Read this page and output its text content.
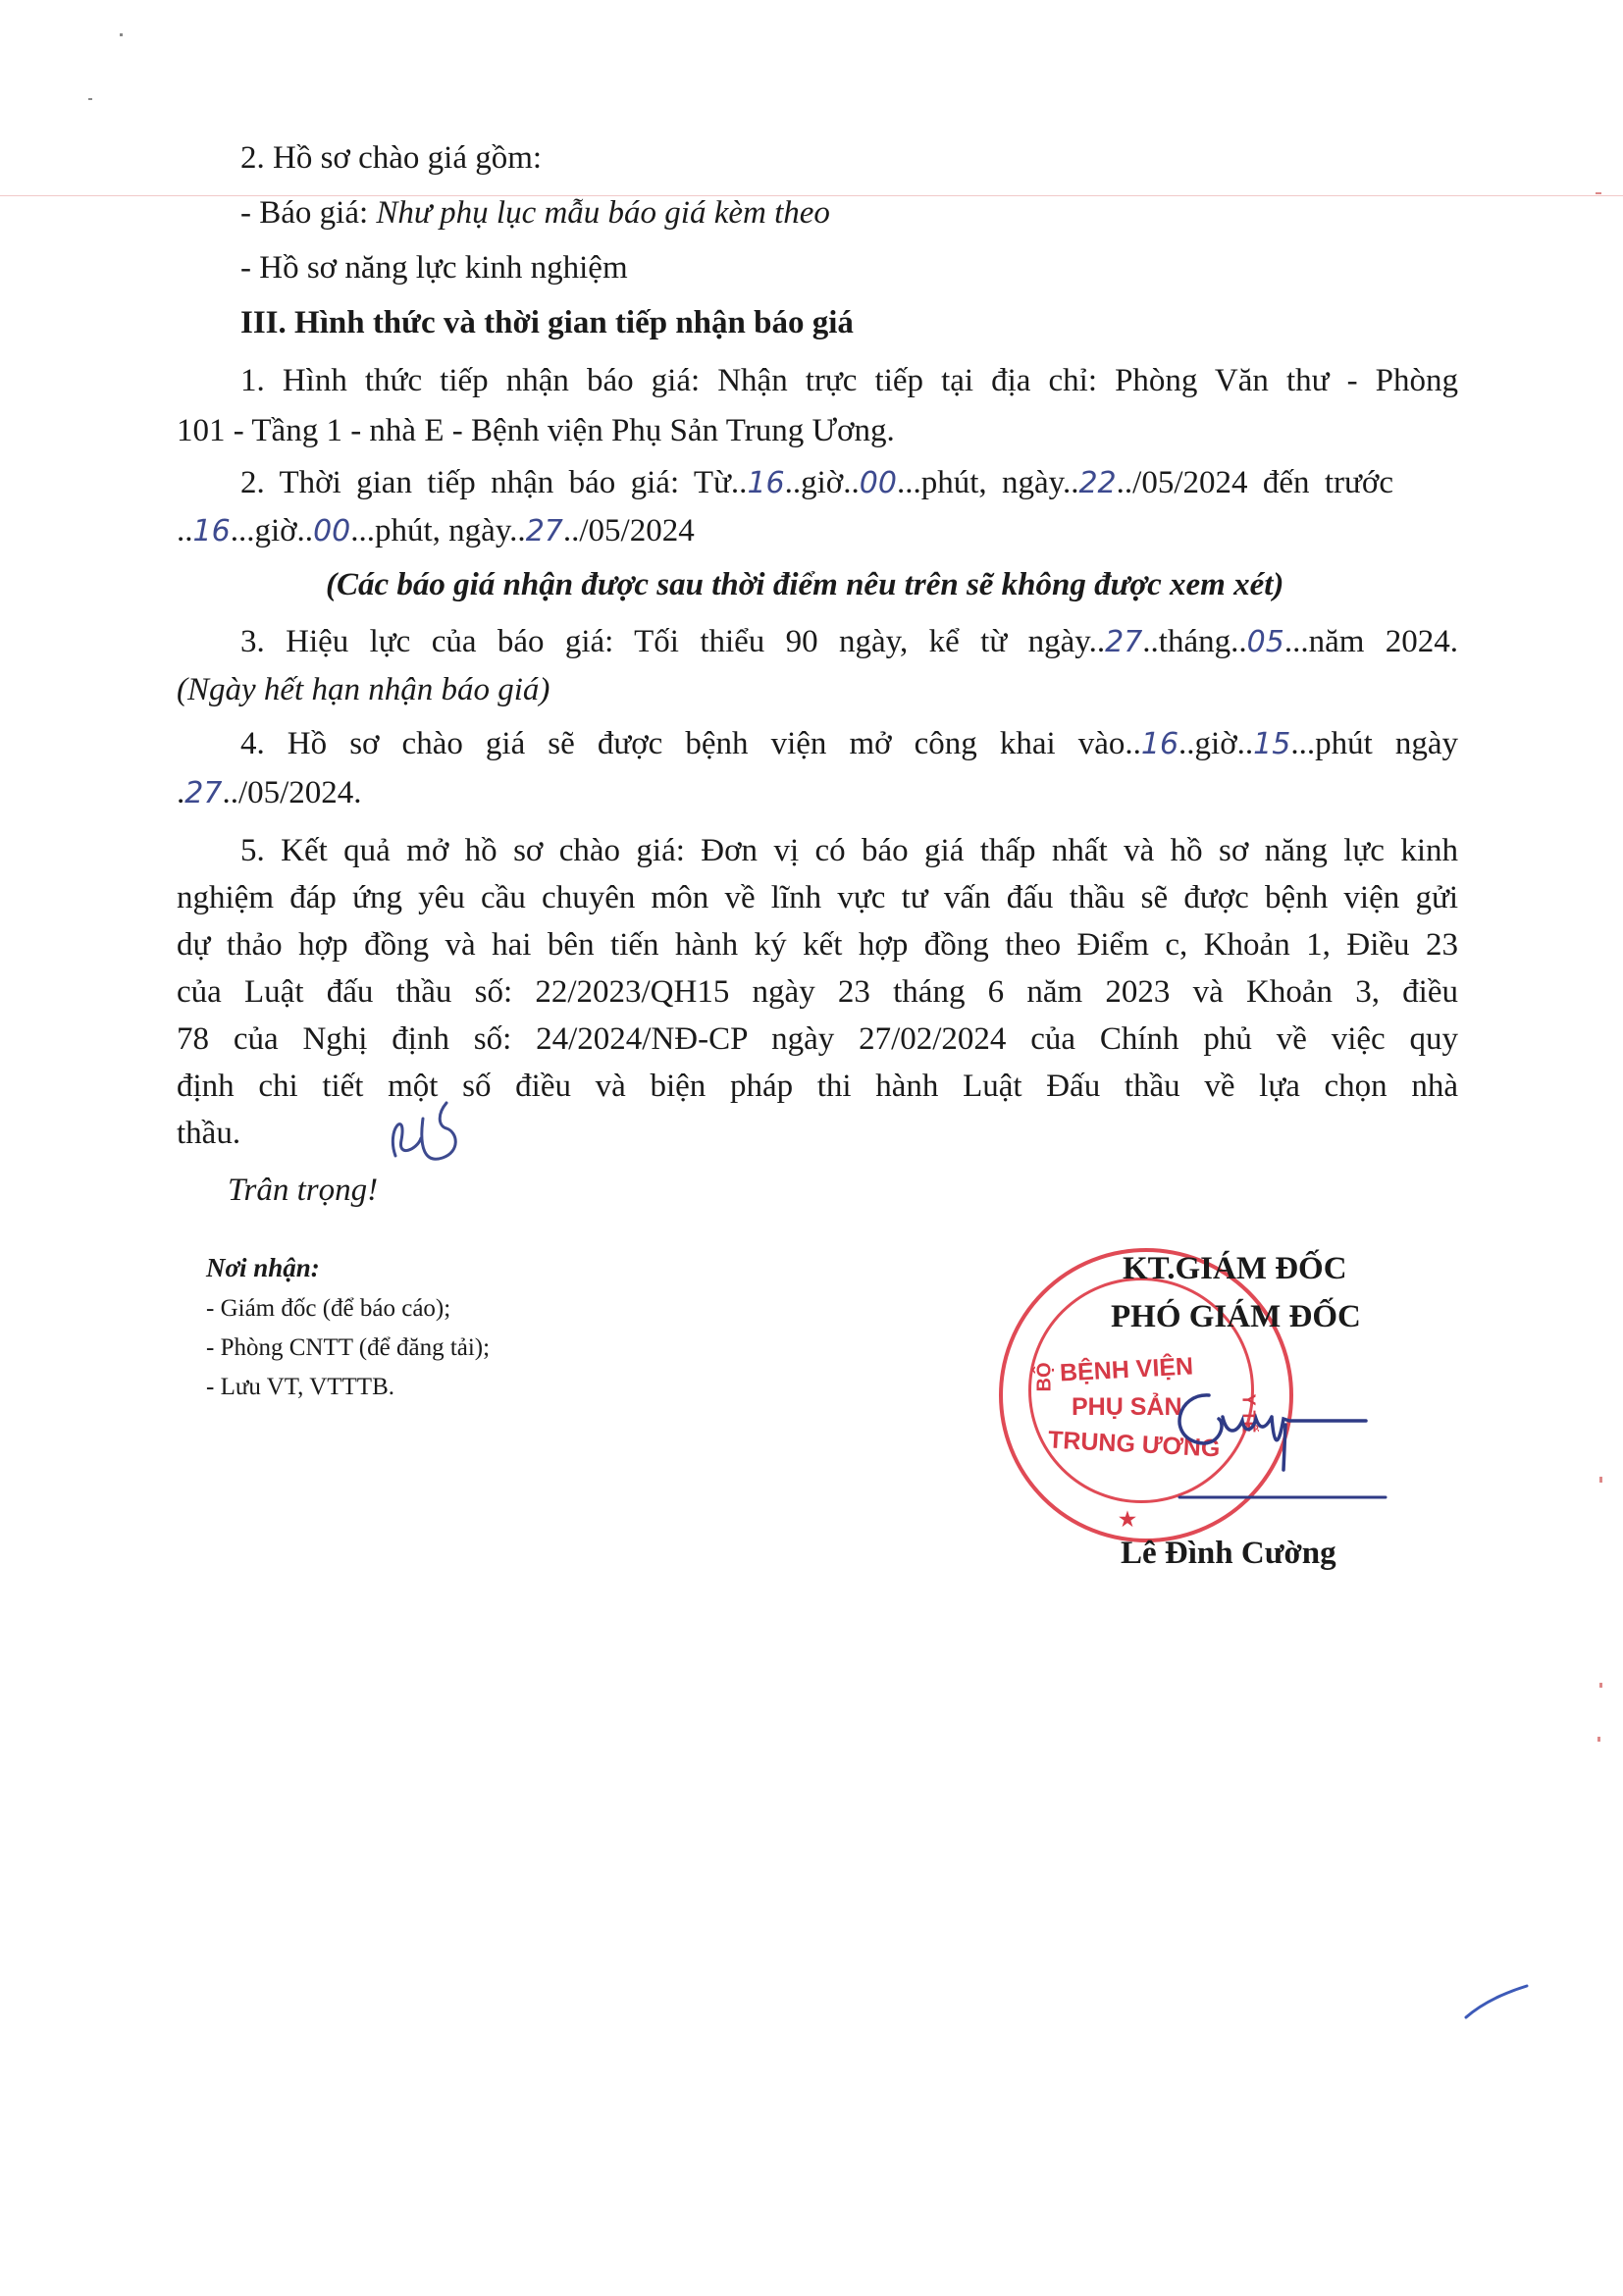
2. Hồ sơ chào giá gồm:
- Báo giá: Như phụ lục mẫu báo giá kèm theo
- Hồ sơ năng lực kinh nghiệm
III. Hình thức và thời gian tiếp nhận báo giá
1. Hình thức tiếp nhận báo giá: Nhận trực tiếp tại địa chỉ: Phòng Văn thư - Phòng
101 - Tầng 1 - nhà E - Bệnh viện Phụ Sản Trung Ương.
2. Thời gian tiếp nhận báo giá: Từ..16..giờ..00...phút, ngày..22../05/2024 đến trước
..16...giờ..00...phút, ngày..27../05/2024
(Các báo giá nhận được sau thời điểm nêu trên sẽ không được xem xét)
3. Hiệu lực của báo giá: Tối thiểu 90 ngày, kể từ ngày..27..tháng..05...năm 2024.
(Ngày hết hạn nhận báo giá)
4. Hồ sơ chào giá sẽ được bệnh viện mở công khai vào..16..giờ..15...phút ngày
.27../05/2024.
5. Kết quả mở hồ sơ chào giá: Đơn vị có báo giá thấp nhất và hồ sơ năng lực kinh
nghiệm đáp ứng yêu cầu chuyên môn về lĩnh vực tư vấn đấu thầu sẽ được bệnh viện gửi
dự thảo hợp đồng và hai bên tiến hành ký kết hợp đồng theo Điểm c, Khoản 1, Điều 23
của Luật đấu thầu số: 22/2023/QH15 ngày 23 tháng 6 năm 2023 và Khoản 3, điều
78 của Nghị định số: 24/2024/NĐ-CP ngày 27/02/2024 của Chính phủ về việc quy
định chi tiết một số điều và biện pháp thi hành Luật Đấu thầu về lựa chọn nhà
thầu.
Trân trọng!
Nơi nhận:
- Giám đốc (để báo cáo);
- Phòng CNTT (để đăng tải);
- Lưu VT, VTTTB.	BỆNH VIỆN
PHỤ SẢN
TRUNG ƯƠNG
BỘ
Y TẾ
★
KT.GIÁM ĐỐC
PHÓ GIÁM ĐỐC
Lê Đình Cường
